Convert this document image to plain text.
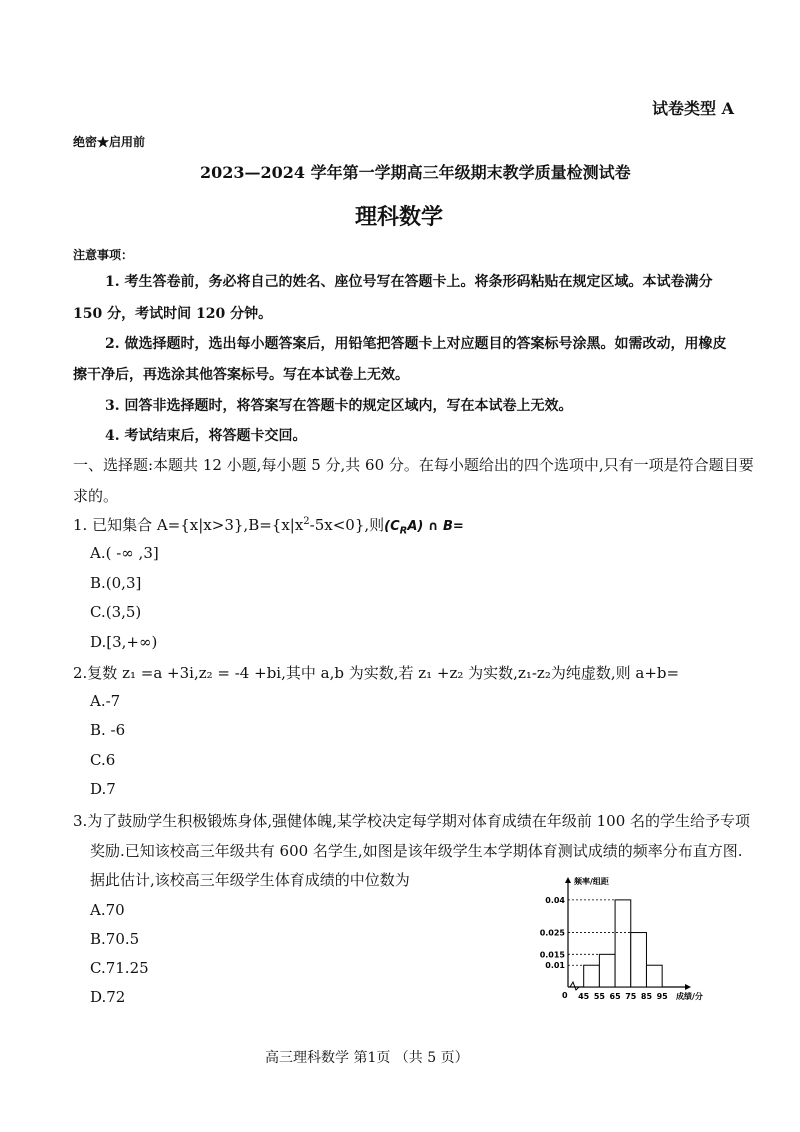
试卷类型 A
绝密★启用前
2023—2024 学年第一学期高三年级期末教学质量检测试卷
理科数学
注意事项：
1. 考生答卷前，务必将自己的姓名、座位号写在答题卡上。将条形码粘贴在规定区域。本试卷满分
150 分，考试时间 120 分钟。
2. 做选择题时，选出每小题答案后，用铅笔把答题卡上对应题目的答案标号涂黑。如需改动，用橡皮
擦干净后，再选涂其他答案标号。写在本试卷上无效。
3. 回答非选择题时，将答案写在答题卡的规定区域内，写在本试卷上无效。
4. 考试结束后，将答题卡交回。
一、选择题:本题共 12 小题,每小题 5 分,共 60 分。在每小题给出的四个选项中,只有一项是符合题目要
求的。
1. 已知集合 $A=\{x|x>3\},B=\{x|x^2-5x<0\}$,则$(C_RA)$ ∩ B=
A.( -∞ ,3]
B.(0,3]
C.(3,5)
D.[3,+∞)
2.复数 z₁ =a +3i,z₂ = -4 +bi,其中 a,b 为实数,若 z₁ +z₂ 为实数,z₁-z₂为纯虚数,则 a+b=
A.-7
B. -6
C.6
D.7
3.为了鼓励学生积极锻炼身体,强健体魄,某学校决定每学期对体育成绩在年级前 100 名的学生给予专项
奖励.已知该校高三年级共有 600 名学生,如图是该年级学生本学期体育测试成绩的频率分布直方图.
据此估计,该校高三年级学生体育成绩的中位数为
A.70
B.70.5
C.71.25
D.72
频率/组距
成绩/分
0
0.04
0.025
0.015
0.01
45 55 65 75 85 95
高三理科数学 第1页 （共 5 页）
